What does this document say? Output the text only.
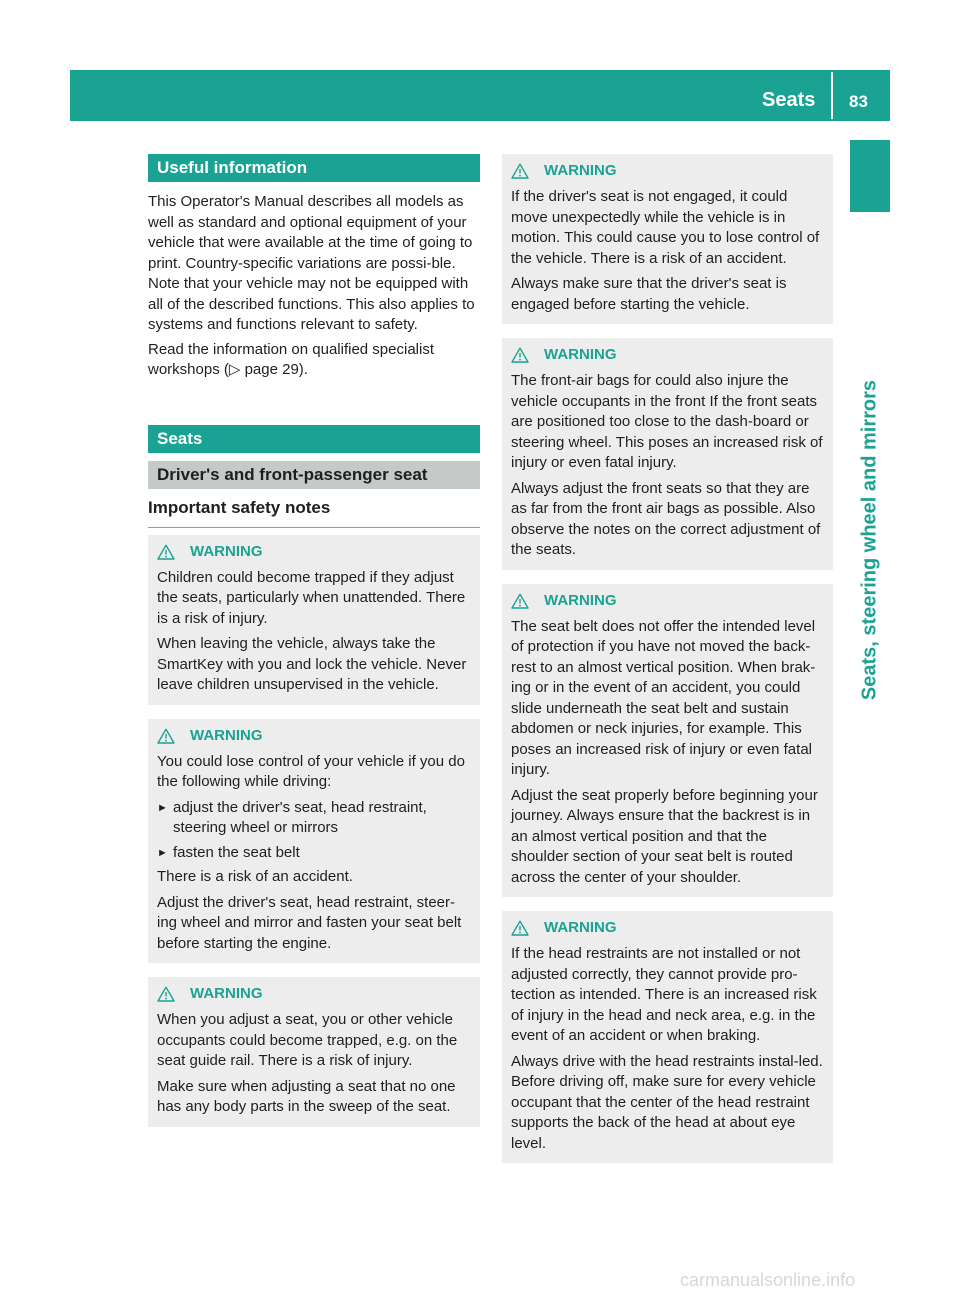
Seats 83
Seats, steering wheel and mirrors
Useful information

This Operator's Manual describes all models as well as standard and optional equipment of your vehicle that were available at the time of going to print. Country-specific variations are possi-ble. Note that your vehicle may not be equipped with all of the described functions. This also applies to systems and functions relevant to safety.

Read the information on qualified specialist workshops (▷ page 29).

Seats
Driver's and front-passenger seat
Important safety notes
WARNING

Children could become trapped if they adjust the seats, particularly when unattended. There is a risk of injury.

When leaving the vehicle, always take the SmartKey with you and lock the vehicle. Never leave children unsupervised in the vehicle.

WARNING

You could lose control of your vehicle if you do the following while driving:

► adjust the driver's seat, head restraint, steering wheel or mirrors
► fasten the seat belt

There is a risk of an accident.

Adjust the driver's seat, head restraint, steer-ing wheel and mirror and fasten your seat belt before starting the engine.

WARNING

When you adjust a seat, you or other vehicle occupants could become trapped, e.g. on the seat guide rail. There is a risk of injury.

Make sure when adjusting a seat that no one has any body parts in the sweep of the seat.

WARNING

If the driver's seat is not engaged, it could move unexpectedly while the vehicle is in motion. This could cause you to lose control of the vehicle. There is a risk of an accident.

Always make sure that the driver's seat is engaged before starting the vehicle.

WARNING

The front-air bags for could also injure the vehicle occupants in the front If the front seats are positioned too close to the dash-board or steering wheel. This poses an increased risk of injury or even fatal injury.

Always adjust the front seats so that they are as far from the front air bags as possible. Also observe the notes on the correct adjustment of the seats.

WARNING

The seat belt does not offer the intended level of protection if you have not moved the back-rest to an almost vertical position. When brak-ing or in the event of an accident, you could slide underneath the seat belt and sustain abdomen or neck injuries, for example. This poses an increased risk of injury or even fatal injury.

Adjust the seat properly before beginning your journey. Always ensure that the backrest is in an almost vertical position and that the shoulder section of your seat belt is routed across the center of your shoulder.

WARNING

If the head restraints are not installed or not adjusted correctly, they cannot provide pro-tection as intended. There is an increased risk of injury in the head and neck area, e.g. in the event of an accident or when braking.

Always drive with the head restraints instal-led. Before driving off, make sure for every vehicle occupant that the center of the head restraint supports the back of the head at about eye level.

carmanualsonline.info
